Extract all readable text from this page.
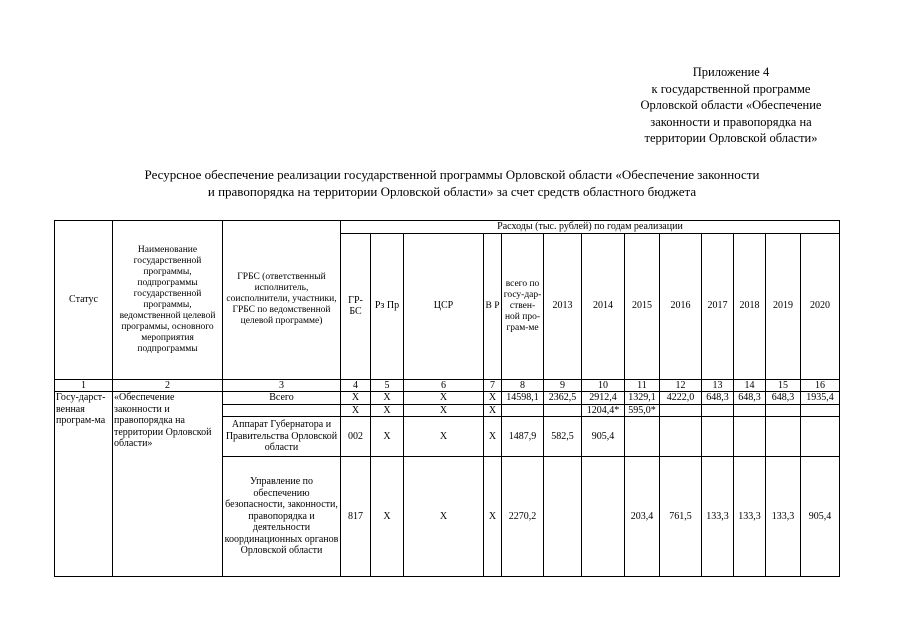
Приложение 4
к государственной программе
Орловской области «Обеспечение
законности и правопорядка на
территории Орловской области»
Ресурсное обеспечение реализации государственной программы Орловской области «Обеспечение законности
и правопорядка на территории Орловской области» за счет средств областного бюджета
Статус	Наименование государственной программы, подпрограммы государственной программы, ведомственной целевой программы, основного мероприятия подпрограммы	ГРБС (ответственный исполнитель, соисполнители, участники, ГРБС по ведомственной целевой программе)	Расходы (тыс. рублей) по годам реализации												
			ГР-БС	Рз Пр	ЦСР	В Р	всего по госу-дар-ствен-ной про-грам-ме	2013	2014	2015	2016	2017	2018	2019	2020
1	2	3	4	5	6	7	8	9	10	11	12	13	14	15	16
Госу-дарст-венная програм-ма	«Обеспечение законности и правопорядка на территории Орловской области»	Всего	Х	Х	Х	Х	14598,1	2362,5	2912,4	1329,1	4222,0	648,3	648,3	648,3	1935,4
			Х	Х	Х	Х			1204,4*	595,0*					
		Аппарат Губернатора и Правительства Орловской области	002	Х	Х	Х	1487,9	582,5	905,4						
		Управление по обеспечению безопасности, законности, правопорядка и деятельности координационных органов Орловской области	817	Х	Х	Х	2270,2			203,4	761,5	133,3	133,3	133,3	905,4
